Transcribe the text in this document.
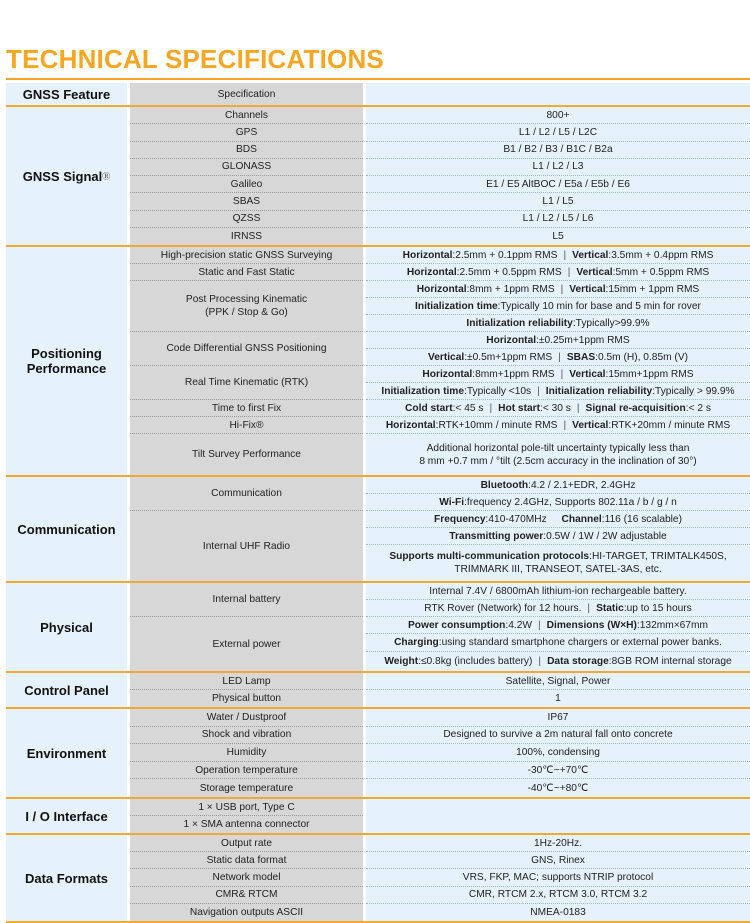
TECHNICAL SPECIFICATIONS
GNSS Feature	Specification
GNSS Signal Ⓡ
Channels
GPS
BDS
GLONASS
Galileo
SBAS
QZSS
IRNSS
800+
L1 / L2 / L5 / L2C
B1 / B2 / B3 / B1C / B2a
L1 / L2 / L3
E1 / E5 AltBOC / E5a / E5b / E6
L1 / L5
L1 / L2 / L5 / L6
L5
Positioning
Performance
High-precision static GNSS Surveying
Static and Fast Static
Post Processing Kinematic
(PPK / Stop & Go)
Code Differential GNSS Positioning
Real Time Kinematic (RTK)
Time to first Fix
Hi-Fix®
Tilt Survey Performance
Horizontal:2.5mm + 0.1ppm RMS | Vertical:3.5mm + 0.4ppm RMS
Horizontal:2.5mm + 0.5ppm RMS | Vertical:5mm + 0.5ppm RMS
Horizontal:8mm + 1ppm RMS | Vertical:15mm + 1ppm RMS
Initialization time:Typically 10 min for base and 5 min for rover
Initialization reliability:Typically>99.9%
Horizontal:±0.25m+1ppm RMS
Vertical:±0.5m+1ppm RMS | SBAS:0.5m (H), 0.85m (V)
Horizontal:8mm+1ppm RMS | Vertical:15mm+1ppm RMS
Initialization time:Typically <10s | Initialization reliability:Typically > 99.9%
Cold start:< 45 s | Hot start:< 30 s | Signal re-acquisition:< 2 s
Horizontal:RTK+10mm / minute RMS | Vertical:RTK+20mm / minute RMS
Additional horizontal pole-tilt uncertainty typically less than
8 mm +0.7 mm / °tilt (2.5cm accuracy in the inclination of 30°)
Communication
Communication
Internal UHF Radio
Bluetooth:4.2 / 2.1+EDR, 2.4GHz
Wi-Fi:frequency 2.4GHz, Supports 802.11a / b / g / n
Frequency:410-470MHz Channel:116 (16 scalable)
Transmitting power:0.5W / 1W / 2W adjustable
Supports multi-communication protocols:HI-TARGET, TRIMTALK450S,
TRIMMARK III, TRANSEOT, SATEL-3AS, etc.
Physical
Internal battery
External power
Internal 7.4V / 6800mAh lithium-ion rechargeable battery.
RTK Rover (Network) for 12 hours. | Static:up to 15 hours
Power consumption:4.2W | Dimensions (W×H):132mm×67mm
Charging:using standard smartphone chargers or external power banks.
Weight:≤0.8kg (includes battery) | Data storage:8GB ROM internal storage
Control Panel
LED Lamp
Physical button
Satellite, Signal, Power
1
Environment
Water / Dustproof
Shock and vibration
Humidity
Operation temperature
Storage temperature
IP67
Designed to survive a 2m natural fall onto concrete
100%, condensing
-30℃~+70℃
-40℃~+80℃
I / O Interface
1 × USB port, Type C
1 × SMA antenna connector
Data Formats
Output rate
Static data format
Network model
CMR& RTCM
Navigation outputs ASCII
1Hz-20Hz.
GNS, Rinex
VRS, FKP, MAC; supports NTRIP protocol
CMR, RTCM 2.x, RTCM 3.0, RTCM 3.2
NMEA-0183
